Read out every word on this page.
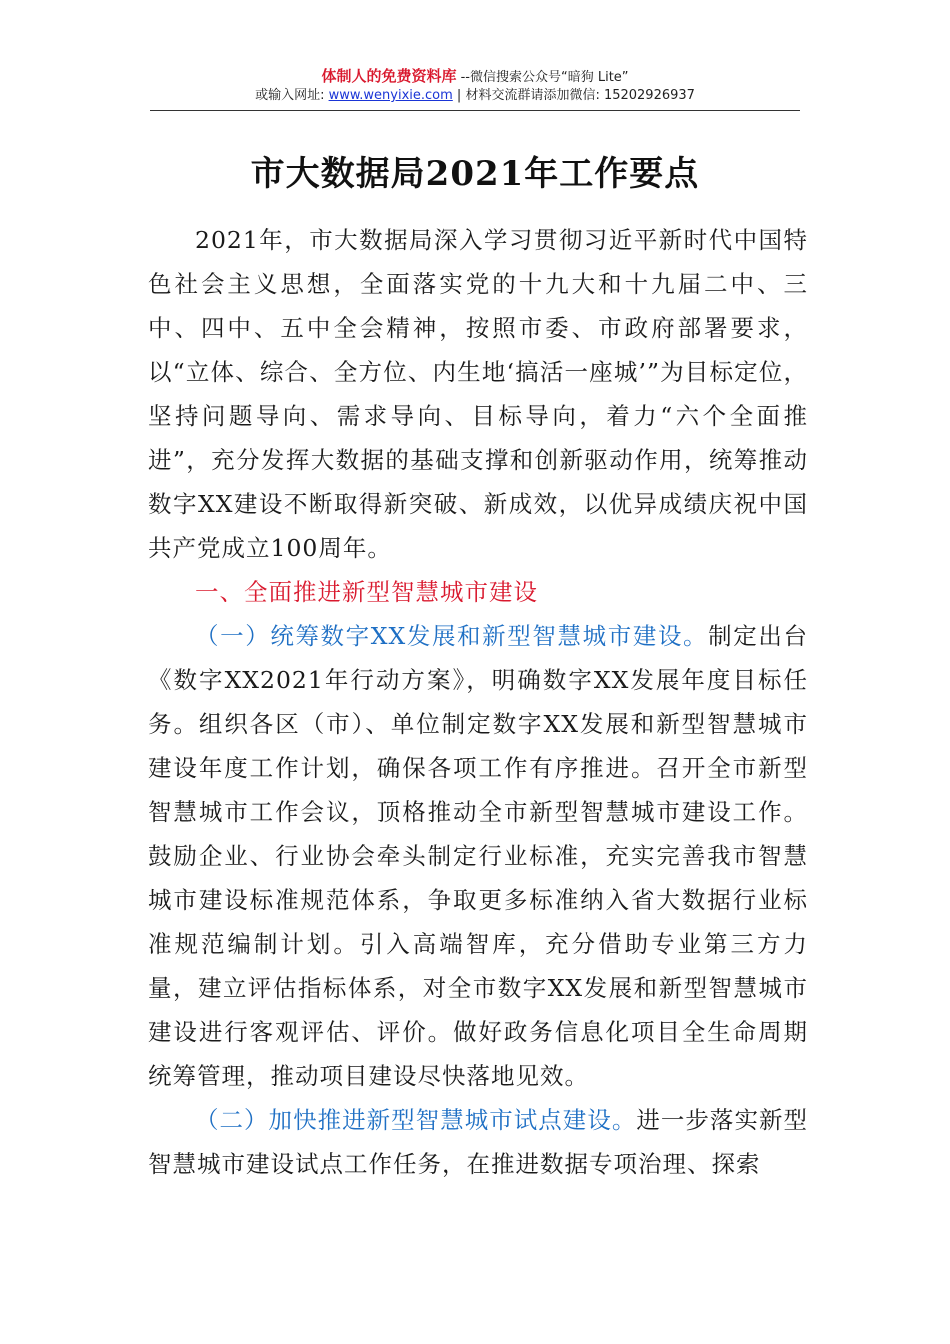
体制人的免费资料库 --微信搜索公众号“暗狗 Lite”
或输入网址: www.wenyixie.com | 材料交流群请添加微信: 15202926937
市大数据局2021年工作要点

2021年，市大数据局深入学习贯彻习近平新时代中国特色社会主义思想，全面落实党的十九大和十九届二中、三中、四中、五中全会精神，按照市委、市政府部署要求，以“立体、综合、全方位、内生地‘搞活一座城’”为目标定位，坚持问题导向、需求导向、目标导向，着力“六个全面推进”，充分发挥大数据的基础支撑和创新驱动作用，统筹推动数字XX建设不断取得新突破、新成效，以优异成绩庆祝中国共产党成立100周年。

一、全面推进新型智慧城市建设

（一）统筹数字XX发展和新型智慧城市建设。制定出台《数字XX2021年行动方案》，明确数字XX发展年度目标任务。组织各区（市）、单位制定数字XX发展和新型智慧城市建设年度工作计划，确保各项工作有序推进。召开全市新型智慧城市工作会议，顶格推动全市新型智慧城市建设工作。鼓励企业、行业协会牵头制定行业标准，充实完善我市智慧城市建设标准规范体系，争取更多标准纳入省大数据行业标准规范编制计划。引入高端智库，充分借助专业第三方力量，建立评估指标体系，对全市数字XX发展和新型智慧城市建设进行客观评估、评价。做好政务信息化项目全生命周期统筹管理，推动项目建设尽快落地见效。

（二）加快推进新型智慧城市试点建设。进一步落实新型智慧城市建设试点工作任务，在推进数据专项治理、探索
